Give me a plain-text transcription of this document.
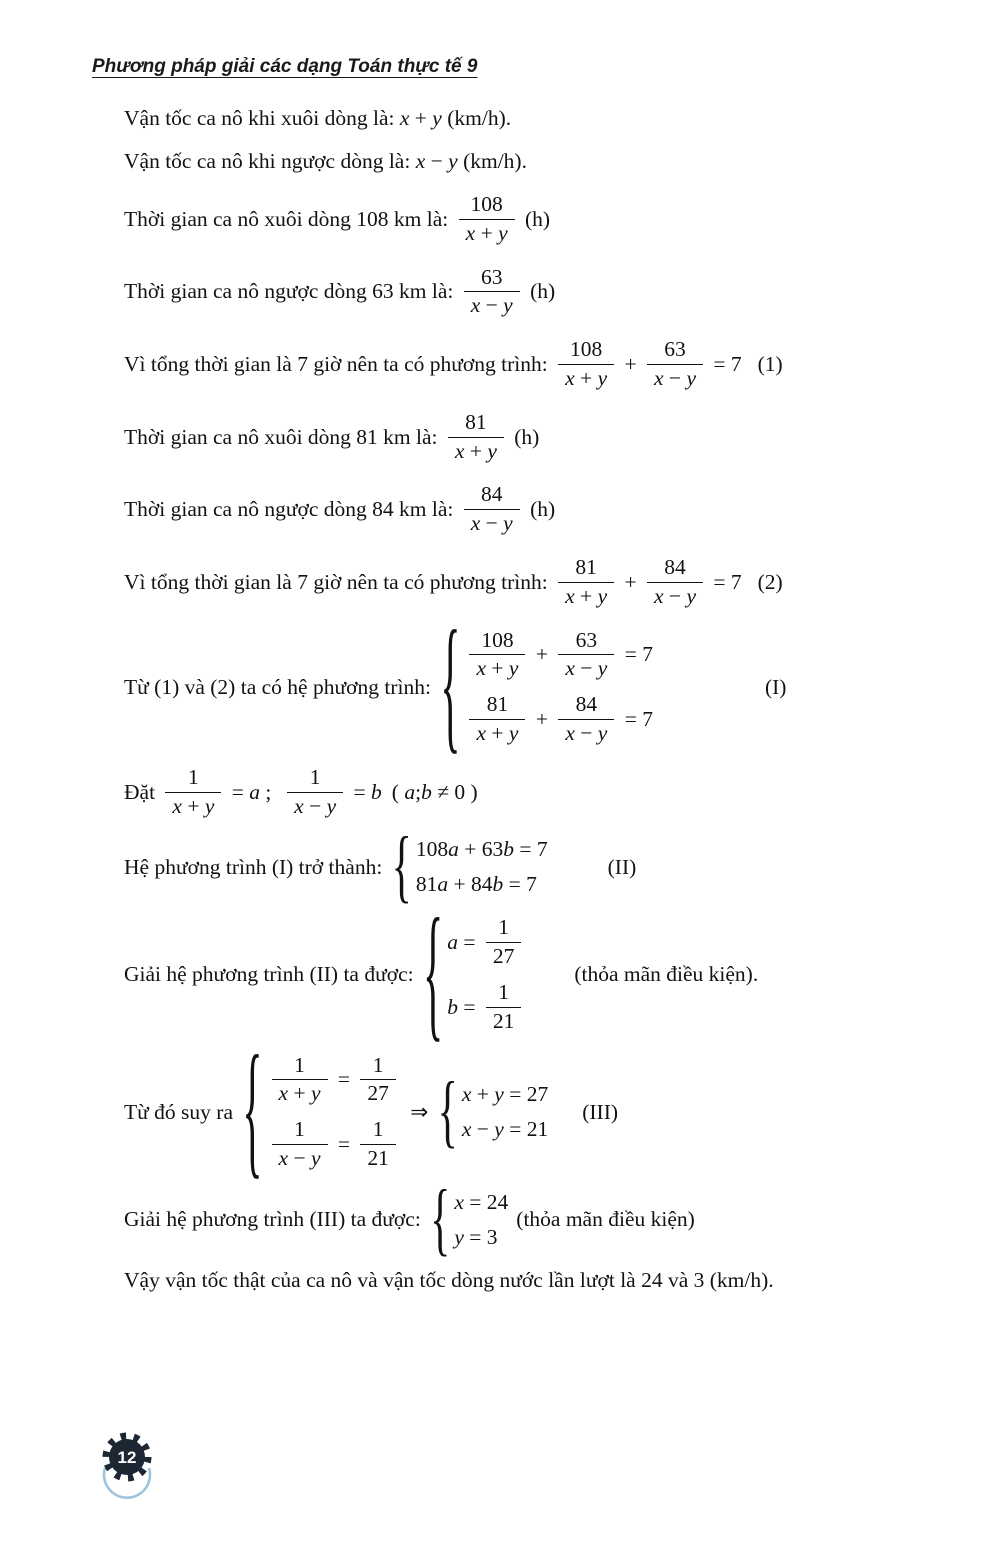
Phương pháp giải các dạng Toán thực tế 9
Vận tốc ca nô khi xuôi dòng là: x + y (km/h).
Vận tốc ca nô khi ngược dòng là: x − y (km/h).
Thời gian ca nô xuôi dòng 108 km là: $\frac{108}{x + y} (h)$
Thời gian ca nô ngược dòng 63 km là: $\frac{63}{x - y} (h)$
Vì tổng thời gian là 7 giờ nên ta có phương trình: $\frac{108}{x + y} + \frac{63}{x - y} = 7$ (1)
Thời gian ca nô xuôi dòng 81 km là: $\frac{81}{x + y} (h)$
Thời gian ca nô ngược dòng 84 km là: $\frac{84}{x - y} (h)$
Vì tổng thời gian là 7 giờ nên ta có phương trình: $\frac{81}{x + y} + \frac{84}{x - y} = 7$ (2)
Từ (1) và (2) ta có hệ phương trình: { $\frac{108}{x + y} + \frac{63}{x - y} = 7$
$\frac{81}{x + y} + \frac{84}{x - y} = 7$
(I)
Đặt $\frac{1}{x + y} = a$ ; $\frac{1}{x - y} = b$ ( a;b ≠ 0 )
Hệ phương trình (I) trở thành: { 108a + 63b = 7
81a + 84b = 7
(II)
Giải hệ phương trình (II) ta được: { $a = \frac{1}{27}$
$b = \frac{1}{21}$
(thỏa mãn điều kiện).
Từ đó suy ra { $\frac{1}{x + y} = \frac{1}{27}$
$\frac{1}{x - y} = \frac{1}{21}$
⇒ { x + y = 27
x − y = 21
(III)
Giải hệ phương trình (III) ta được: { x = 24
y = 3
(thỏa mãn điều kiện)
Vậy vận tốc thật của ca nô và vận tốc dòng nước lần lượt là 24 và 3 (km/h).
12
